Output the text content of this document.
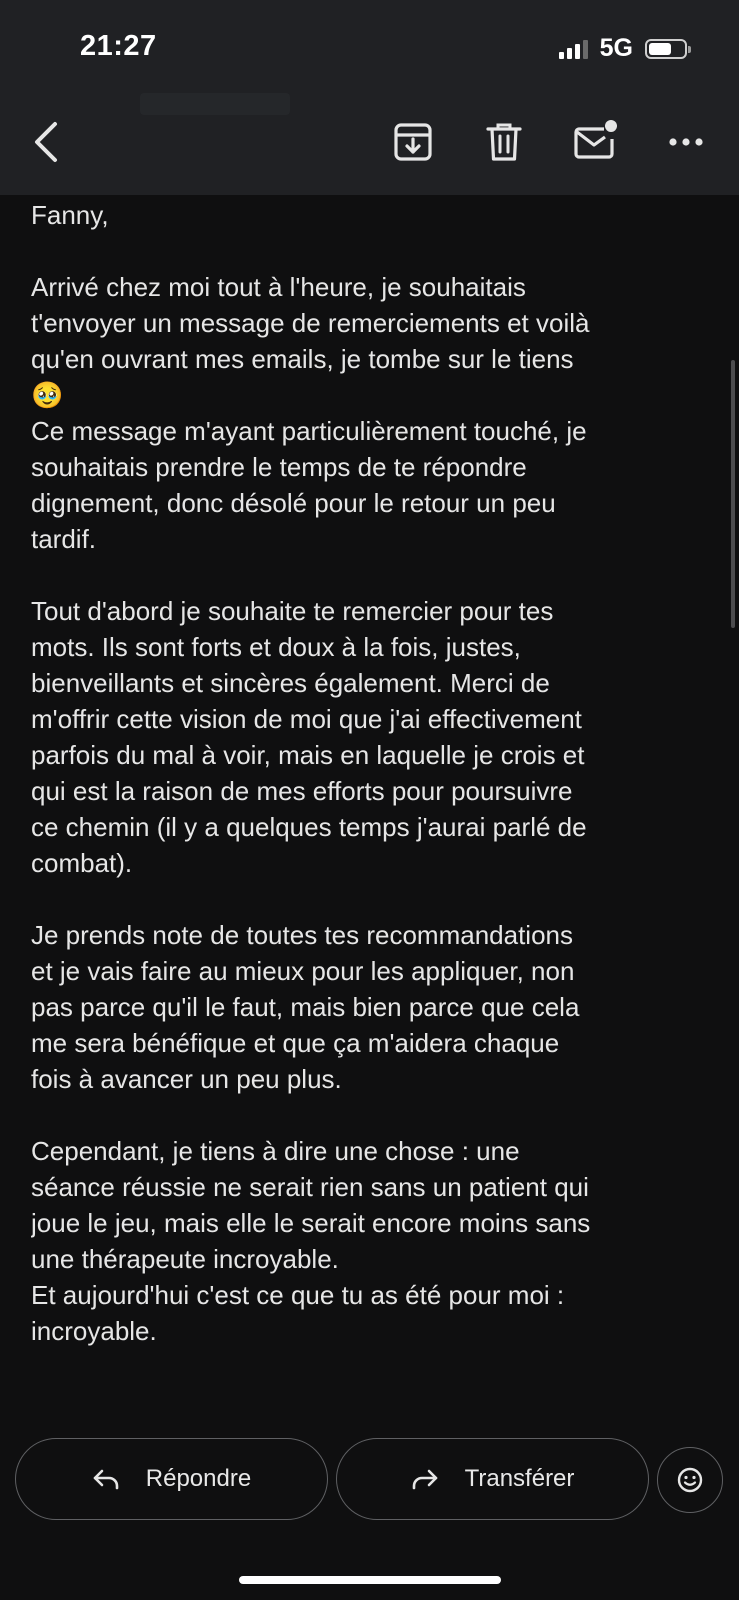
21:27	5G

Fanny,

Arrivé chez moi tout à l'heure, je souhaitais
t'envoyer un message de remerciements et voilà
qu'en ouvrant mes emails, je tombe sur le tiens
🥹
Ce message m'ayant particulièrement touché, je
souhaitais prendre le temps de te répondre
dignement, donc désolé pour le retour un peu
tardif.

Tout d'abord je souhaite te remercier pour tes
mots. Ils sont forts et doux à la fois, justes,
bienveillants et sincères également. Merci de
m'offrir cette vision de moi que j'ai effectivement
parfois du mal à voir, mais en laquelle je crois et
qui est la raison de mes efforts pour poursuivre
ce chemin (il y a quelques temps j'aurai parlé de
combat).

Je prends note de toutes tes recommandations
et je vais faire au mieux pour les appliquer, non
pas parce qu'il le faut, mais bien parce que cela
me sera bénéfique et que ça m'aidera chaque
fois à avancer un peu plus.

Cependant, je tiens à dire une chose : une
séance réussie ne serait rien sans un patient qui
joue le jeu, mais elle le serait encore moins sans
une thérapeute incroyable.
Et aujourd'hui c'est ce que tu as été pour moi :
incroyable.

Répondre	Transférer
